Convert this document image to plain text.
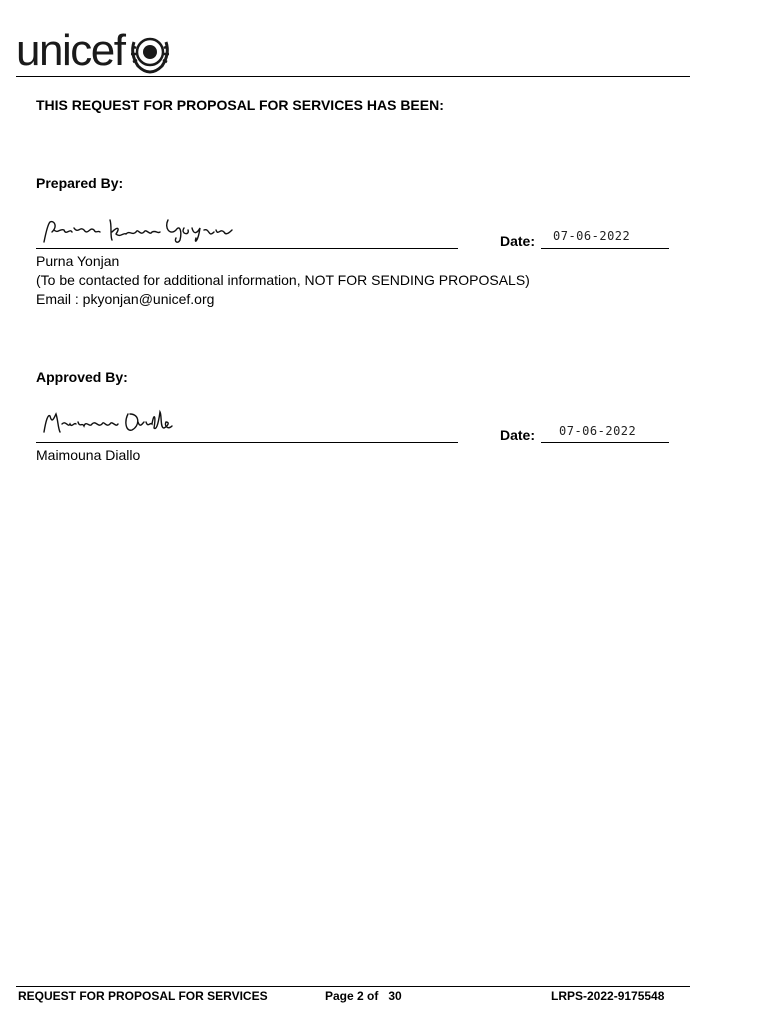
unicef
THIS REQUEST FOR PROPOSAL FOR SERVICES HAS BEEN:
Prepared By:
Date: 07-06-2022
Purna Yonjan
(To be contacted for additional information, NOT FOR SENDING PROPOSALS)
Email : pkyonjan@unicef.org
Approved By:
Date: 07-06-2022
Maimouna Diallo
REQUEST FOR PROPOSAL FOR SERVICES	Page 2 of   30	LRPS-2022-9175548
